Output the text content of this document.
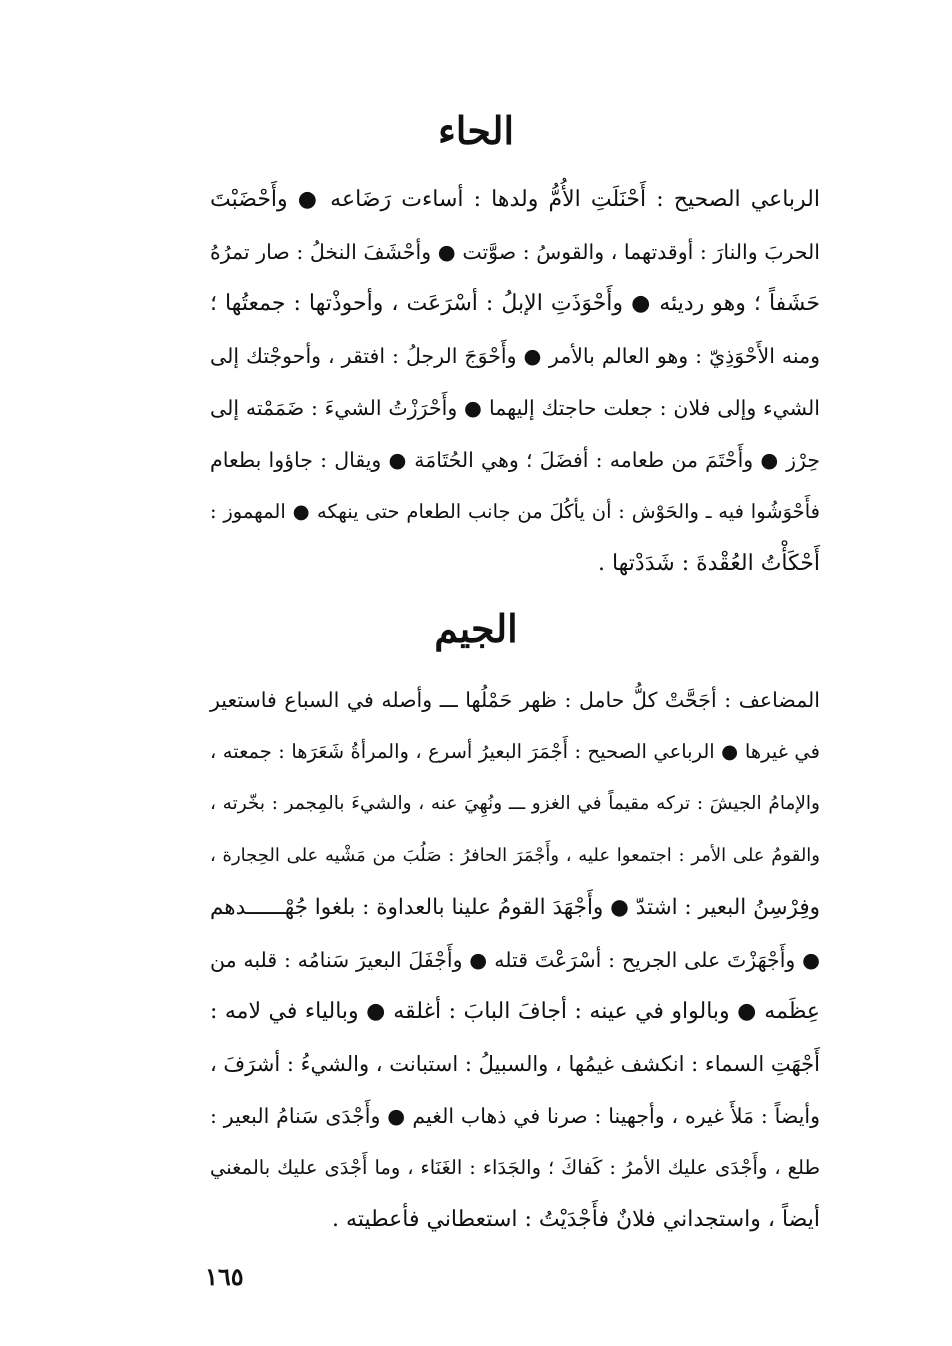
الحاء
الرباعي الصحيح : أَحْنَلَتِ الأُمُّ ولدها : أساءت رَضَاعه ● وأَحْضَبْتَ
الحربَ والنارَ : أوقدتهما ، والقوسُ : صوَّتت ● وأحْشَفَ النخلُ : صار تمرُهُ
حَشَفاً ؛ وهو رديئه ● وأَحْوَذَتِ الإبلُ : أسْرَعَت ، وأحوذْتها : جمعتُها ؛
ومنه الأَحْوَذِيّ : وهو العالم بالأمر ● وأَحْوَجَ الرجلُ : افتقر ، وأحوجْتك إلى
الشيء وإلى فلان : جعلت حاجتك إليهما ● وأَحْرَزْتُ الشيءَ : ضَمَمْته إلى
حِرْز ● وأَحْتَمَ من طعامه : أفضَلَ ؛ وهي الحُتَامَة ● ويقال : جاؤوا بطعام
فأَحْوَشُوا فيه ـ والحَوْش : أن يأكُلَ من جانب الطعام حتى ينهكه ● المهموز :
أَحْكَأْتُ العُقْدةَ : شَدَدْتها .
الجيم
المضاعف : أجَحَّتْ كلُّ حامل : ظهر حَمْلُها ـــ وأصله في السباع فاستعير
في غيرها ● الرباعي الصحيح : أَجْمَرَ البعيرُ أسرع ، والمرأةُ شَعَرَها : جمعته ،
والإمامُ الجيشَ : تركه مقيماً في الغزو ـــ ونُهِيَ عنه ، والشيءَ بالمِجمر : بخّرته ،
والقومُ على الأمر : اجتمعوا عليه ، وأَجْمَرَ الحافرُ : صَلُبَ من مَشْيه على الحِجارة ،
وفِرْسِنُ البعير : اشتدّ ● وأَجْهَدَ القومُ علينا بالعداوة : بلغوا جُهْــــــدهم
● وأَجْهَزْتَ على الجريح : أسْرَعْتَ قتله ● وأَجْفَلَ البعيرَ سَنامُه : قلبه من
عِظَمه ● وبالواو في عينه : أجافَ البابَ : أغلقه ● وبالياء في لامه :
أَجْهَتِ السماء : انكشف غيمُها ، والسبيلُ : استبانت ، والشيءُ : أشرَفَ ،
وأيضاً : مَلأَ غيره ، وأجهينا : صرنا في ذهاب الغيم ● وأَجْدَى سَنامُ البعير :
طلع ، وأَجْدَى عليك الأمرُ : كَفاكَ ؛ والجَدَاء : الغَنَاء ، وما أَجْدَى عليك بالمغني
أيضاً ، واستجداني فلانٌ فأَجْدَيْتُ : استعطاني فأعطيته .
١٦٥
